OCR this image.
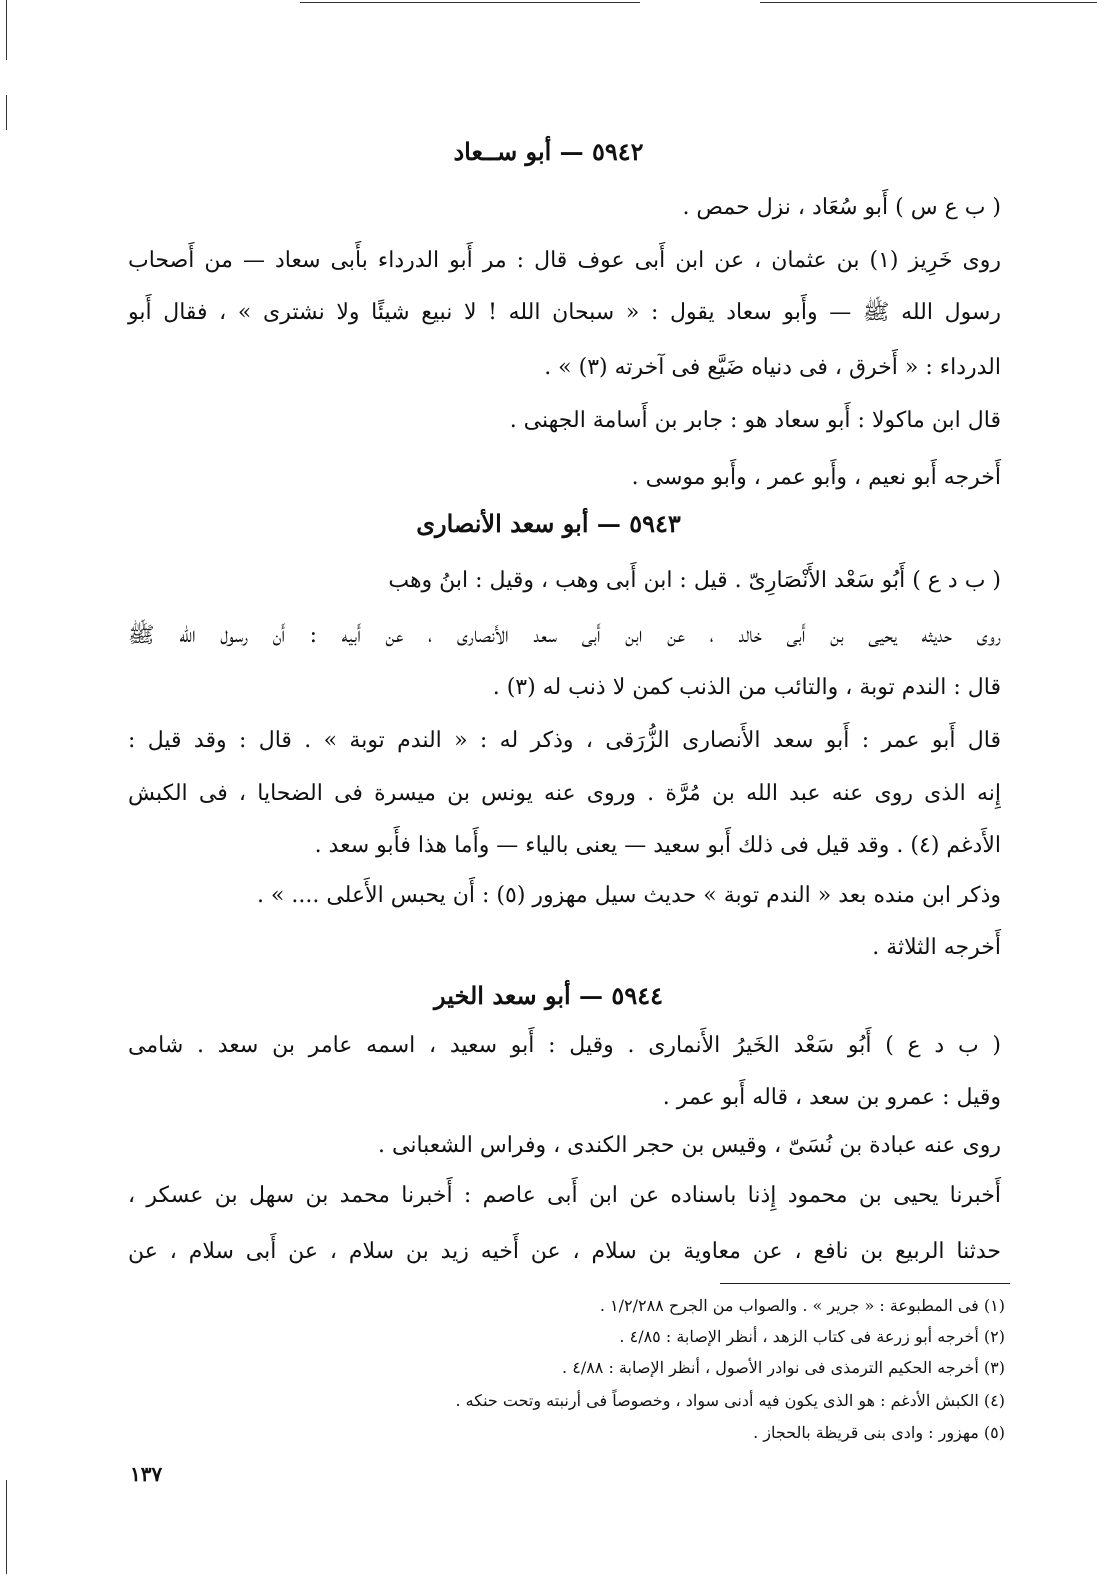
٥٩٤٢ — أبو ســعاد
( ب ع س ) أَبو سُعَاد ، نزل حمص .
روى خَرِيز (١) بن عثمان ، عن ابن أَبى عوف قال : مر أَبو الدرداء بأَبى سعاد — من أَصحاب
رسول الله ﷺ — وأَبو سعاد يقول : « سبحان الله ! لا نبيع شيئًا ولا نشترى » ، فقال أَبو
الدرداء : « أَخرق ، فى دنياه ضَيَّع فى آخرته (٣) » .
قال ابن ماكولا : أَبو سعاد هو : جابر بن أَسامة الجهنى .
أَخرجه أَبو نعيم ، وأَبو عمر ، وأَبو موسى .
٥٩٤٣ — أبو سعد الأنصارى
( ب د ع ) أَبُو سَعْد الأَنْصَارِىّ . قيل : ابن أَبى وهب ، وقيل : ابنُ وهب
روى حديثه يحيى بن أَبى خالد ، عن ابن أَبى سعد الأَنصارى ، عن أَبيه : أَن رسول الله ﷺ
قال : الندم توبة ، والتائب من الذنب كمن لا ذنب له (٣) .
قال أَبو عمر : أَبو سعد الأَنصارى الزُّرَقى ، وذكر له : « الندم توبة » . قال : وقد قيل :
إِنه الذى روى عنه عبد الله بن مُرَّة . وروى عنه يونس بن ميسرة فى الضحايا ، فى الكبش
الأَدغم (٤) . وقد قيل فى ذلك أَبو سعيد — يعنى بالياء — وأَما هذا فأَبو سعد .
وذكر ابن منده بعد « الندم توبة » حديث سيل مهزور (٥) : أَن يحبس الأَعلى .... » .
أَخرجه الثلاثة .
٥٩٤٤ — أبو سعد الخير
( ب د ع ) أَبُو سَعْد الخَيرُ الأَنمارى . وقيل : أَبو سعيد ، اسمه عامر بن سعد . شامى
وقيل : عمرو بن سعد ، قاله أَبو عمر .
روى عنه عبادة بن نُسَىّ ، وقيس بن حجر الكندى ، وفراس الشعبانى .
أَخبرنا يحيى بن محمود إِذنا باسناده عن ابن أَبى عاصم : أَخبرنا محمد بن سهل بن عسكر ،
حدثنا الربيع بن نافع ، عن معاوية بن سلام ، عن أَخيه زيد بن سلام ، عن أَبى سلام ، عن
(١) فى المطبوعة : « جرير » . والصواب من الجرح ١/٢/٢٨٨ .
(٢) أخرجه أبو زرعة فى كتاب الزهد ، أنظر الإصابة : ٤/٨٥ .
(٣) أخرجه الحكيم الترمذى فى نوادر الأصول ، أنظر الإصابة : ٤/٨٨ .
(٤) الكبش الأدغم : هو الذى يكون فيه أدنى سواد ، وخصوصاً فى أرنبته وتحت حنكه .
(٥) مهزور : وادى بنى قريظة بالحجاز .
١٣٧
